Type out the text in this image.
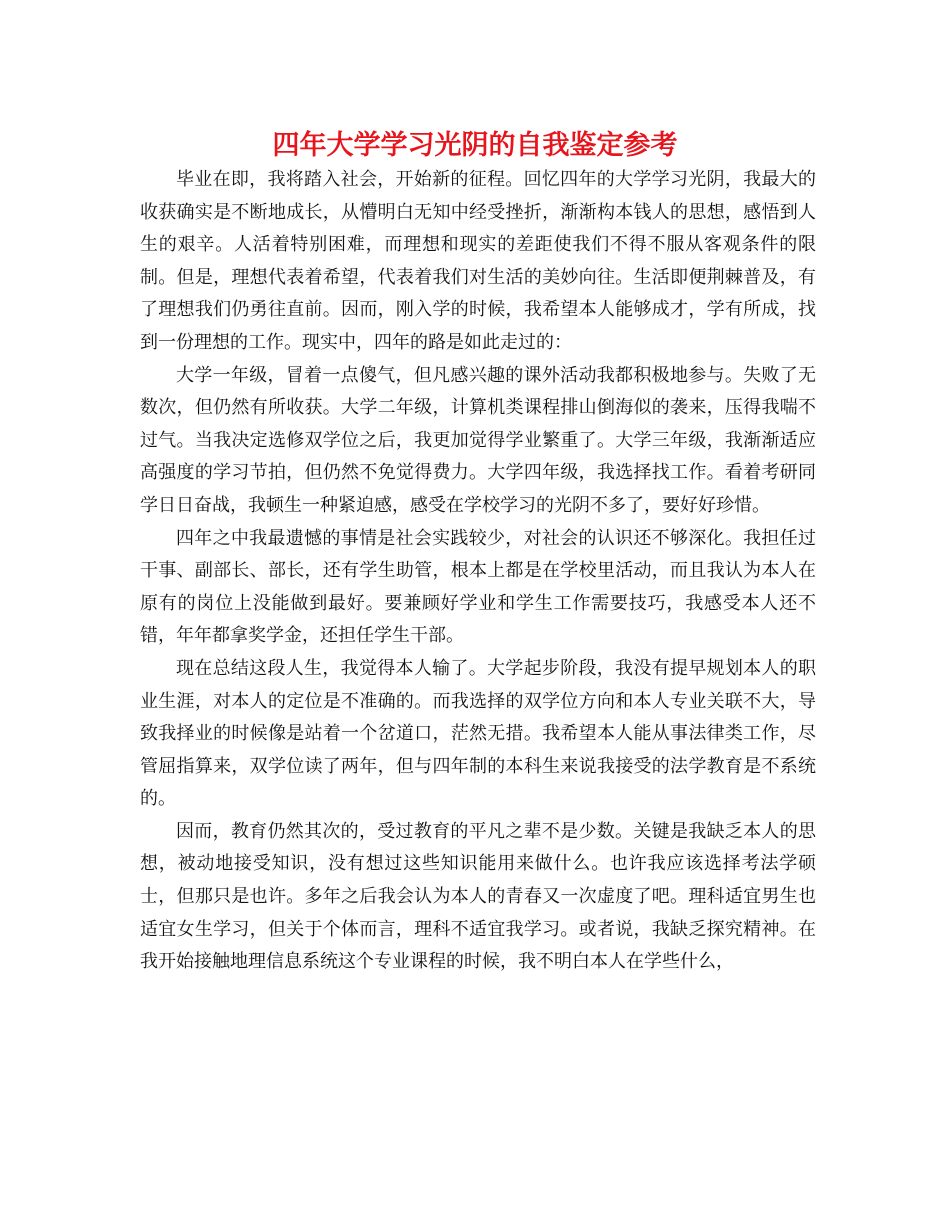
四年大学学习光阴的自我鉴定参考

毕业在即，我将踏入社会，开始新的征程。回忆四年的大学学习光阴，我最大的收获确实是不断地成长，从懵明白无知中经受挫折，渐渐构本钱人的思想，感悟到人生的艰辛。人活着特别困难，而理想和现实的差距使我们不得不服从客观条件的限制。但是，理想代表着希望，代表着我们对生活的美妙向往。生活即便荆棘普及，有了理想我们仍勇往直前。因而，刚入学的时候，我希望本人能够成才，学有所成，找到一份理想的工作。现实中，四年的路是如此走过的：

大学一年级，冒着一点傻气，但凡感兴趣的课外活动我都积极地参与。失败了无数次，但仍然有所收获。大学二年级，计算机类课程排山倒海似的袭来，压得我喘不过气。当我决定选修双学位之后，我更加觉得学业繁重了。大学三年级，我渐渐适应高强度的学习节拍，但仍然不免觉得费力。大学四年级，我选择找工作。看着考研同学日日奋战，我顿生一种紧迫感，感受在学校学习的光阴不多了，要好好珍惜。

四年之中我最遗憾的事情是社会实践较少，对社会的认识还不够深化。我担任过干事、副部长、部长，还有学生助管，根本上都是在学校里活动，而且我认为本人在原有的岗位上没能做到最好。要兼顾好学业和学生工作需要技巧，我感受本人还不错，年年都拿奖学金，还担任学生干部。

现在总结这段人生，我觉得本人输了。大学起步阶段，我没有提早规划本人的职业生涯，对本人的定位是不准确的。而我选择的双学位方向和本人专业关联不大，导致我择业的时候像是站着一个岔道口，茫然无措。我希望本人能从事法律类工作，尽管屈指算来，双学位读了两年，但与四年制的本科生来说我接受的法学教育是不系统的。

因而，教育仍然其次的，受过教育的平凡之辈不是少数。关键是我缺乏本人的思想，被动地接受知识，没有想过这些知识能用来做什么。也许我应该选择考法学硕士，但那只是也许。多年之后我会认为本人的青春又一次虚度了吧。理科适宜男生也适宜女生学习，但关于个体而言，理科不适宜我学习。或者说，我缺乏探究精神。在我开始接触地理信息系统这个专业课程的时候，我不明白本人在学些什么，
